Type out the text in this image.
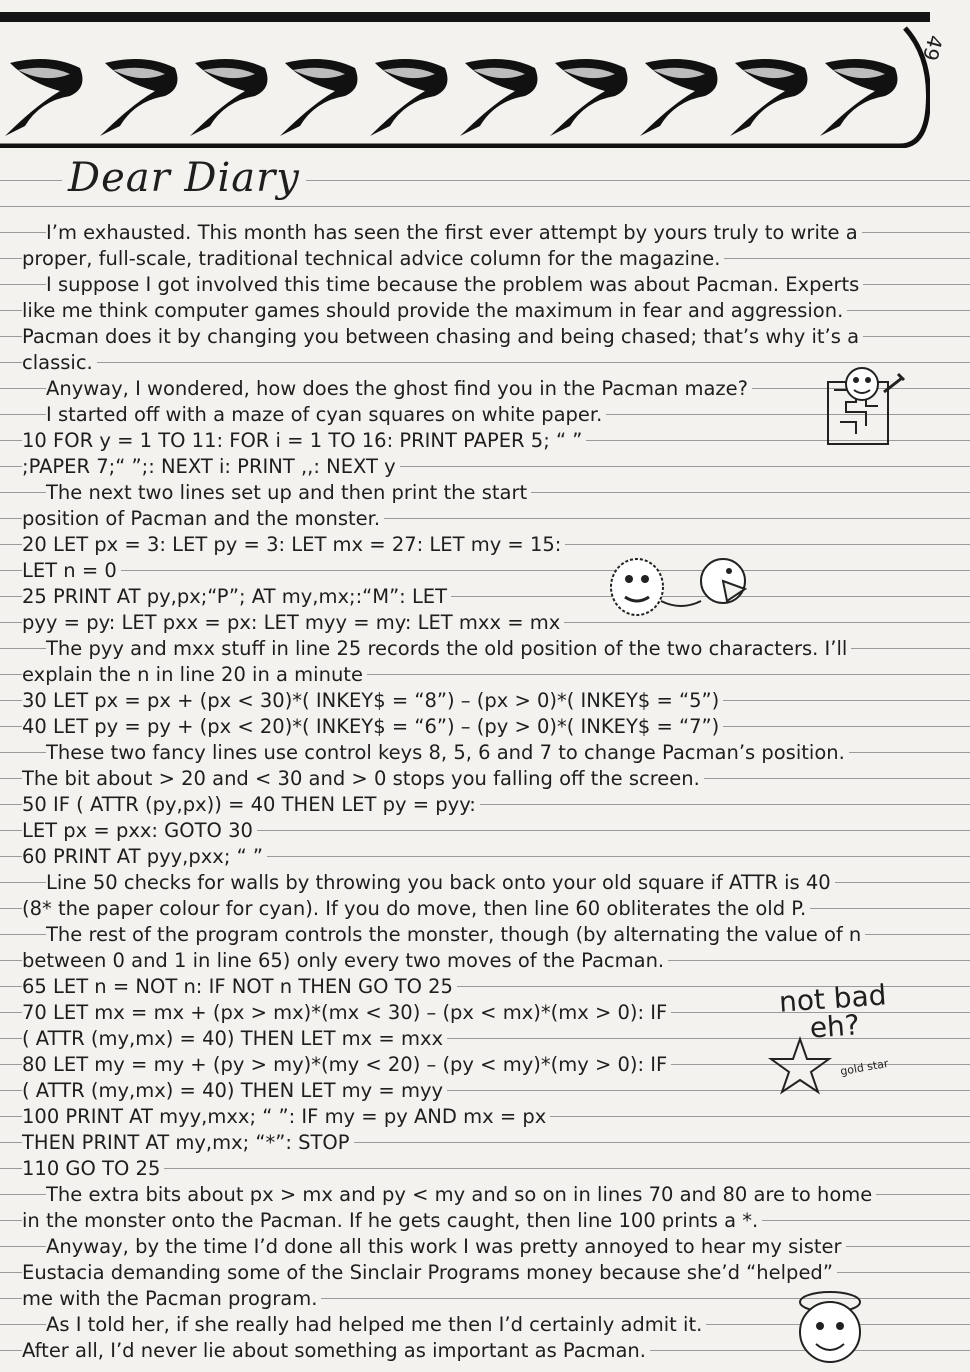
49
Dear Diary
I’m exhausted. This month has seen the first ever attempt by yours truly to write a
proper, full-scale, traditional technical advice column for the magazine.
I suppose I got involved this time because the problem was about Pacman. Experts
like me think computer games should provide the maximum in fear and aggression.
Pacman does it by changing you between chasing and being chased; that’s why it’s a
classic.
Anyway, I wondered, how does the ghost find you in the Pacman maze?
I started off with a maze of cyan squares on white paper.
10 FOR y = 1 TO 11: FOR i = 1 TO 16: PRINT PAPER 5; “ ”
;PAPER 7;“ ”;: NEXT i: PRINT ,,: NEXT y
The next two lines set up and then print the start
position of Pacman and the monster.
20 LET px = 3: LET py = 3: LET mx = 27: LET my = 15:
LET n = 0
25 PRINT AT py,px;“P”; AT my,mx;:“M”: LET
pyy = py: LET pxx = px: LET myy = my: LET mxx = mx
The pyy and mxx stuff in line 25 records the old position of the two characters. I’ll
explain the n in line 20 in a minute
30 LET px = px + (px < 30)*( INKEY$ = “8”) – (px > 0)*( INKEY$ = “5”)
40 LET py = py + (px < 20)*( INKEY$ = “6”) – (py > 0)*( INKEY$ = “7”)
These two fancy lines use control keys 8, 5, 6 and 7 to change Pacman’s position.
The bit about > 20 and < 30 and > 0 stops you falling off the screen.
50 IF ( ATTR (py,px)) = 40 THEN LET py = pyy:
LET px = pxx: GOTO 30
60 PRINT AT pyy,pxx; “ ”
Line 50 checks for walls by throwing you back onto your old square if ATTR is 40
(8* the paper colour for cyan). If you do move, then line 60 obliterates the old P.
The rest of the program controls the monster, though (by alternating the value of n
between 0 and 1 in line 65) only every two moves of the Pacman.
65 LET n = NOT n: IF NOT n THEN GO TO 25
70 LET mx = mx + (px > mx)*(mx < 30) – (px < mx)*(mx > 0): IF
( ATTR (my,mx) = 40) THEN LET mx = mxx
80 LET my = my + (py > my)*(my < 20) – (py < my)*(my > 0): IF
( ATTR (my,mx) = 40) THEN LET my = myy
100 PRINT AT myy,mxx; “ ”: IF my = py AND mx = px
THEN PRINT AT my,mx; “*”: STOP
110 GO TO 25
The extra bits about px > mx and py < my and so on in lines 70 and 80 are to home
in the monster onto the Pacman. If he gets caught, then line 100 prints a *.
Anyway, by the time I’d done all this work I was pretty annoyed to hear my sister
Eustacia demanding some of the Sinclair Programs money because she’d “helped”
me with the Pacman program.
As I told her, if she really had helped me then I’d certainly admit it.
After all, I’d never lie about something as important as Pacman.
not bad
eh?
gold star
